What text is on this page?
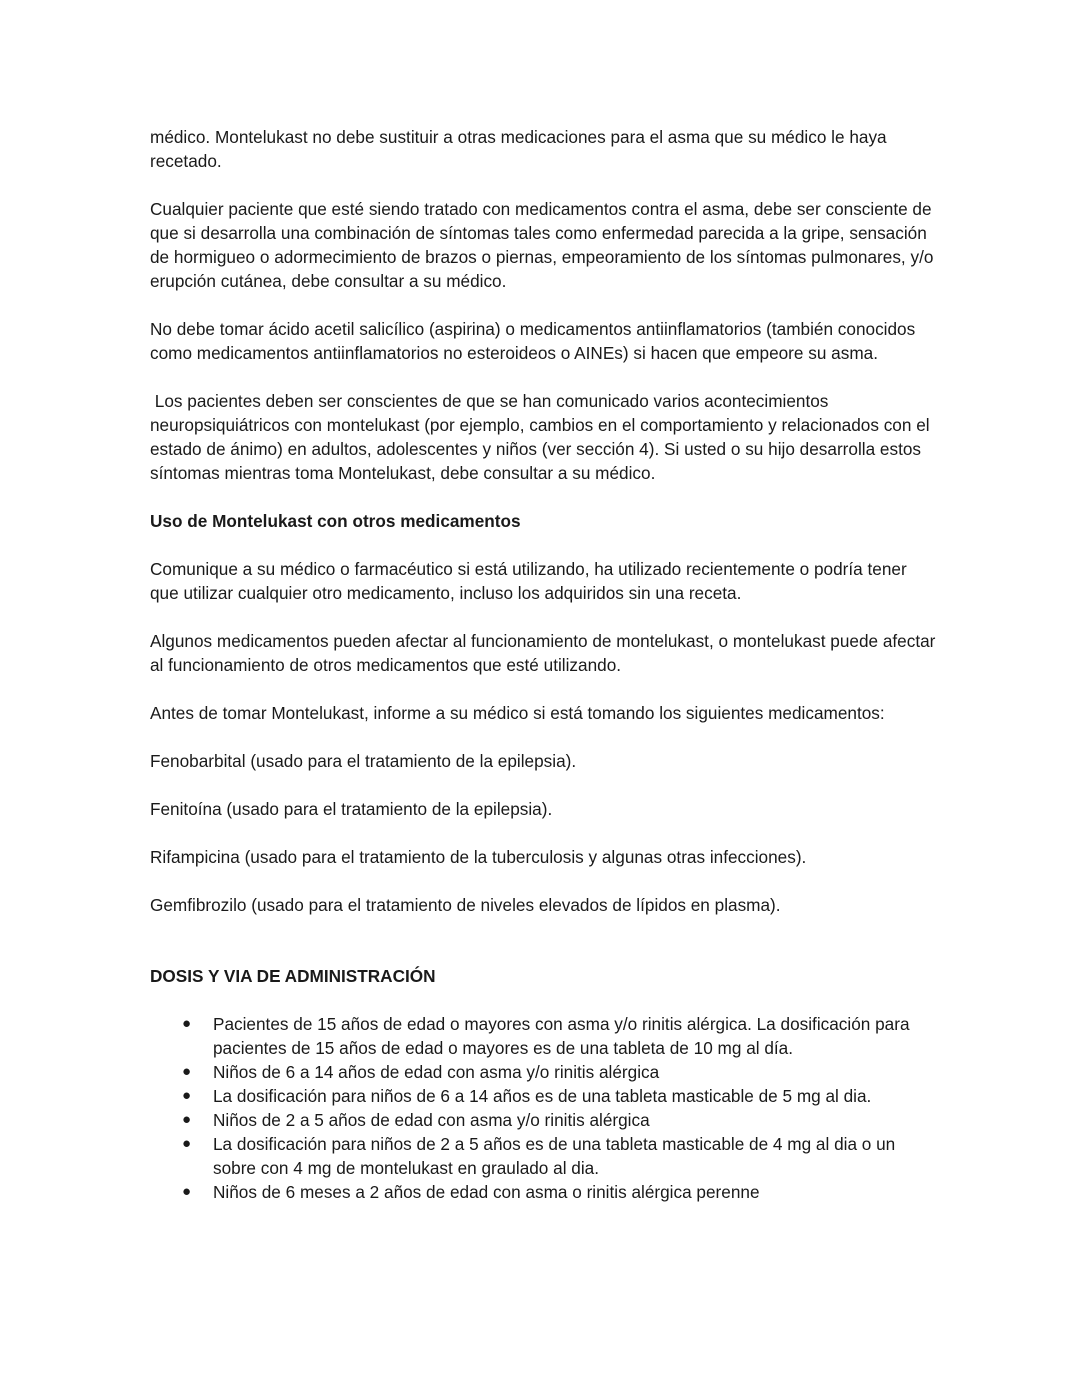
médico. Montelukast no debe sustituir a otras medicaciones para el asma que su médico le haya recetado.

Cualquier paciente que esté siendo tratado con medicamentos contra el asma, debe ser consciente de que si desarrolla una combinación de síntomas tales como enfermedad parecida a la gripe, sensación de hormigueo o adormecimiento de brazos o piernas, empeoramiento de los síntomas pulmonares, y/o erupción cutánea, debe consultar a su médico.

No debe tomar ácido acetil salicílico (aspirina) o medicamentos antiinflamatorios (también conocidos como medicamentos antiinflamatorios no esteroideos o AINEs) si hacen que empeore su asma.

Los pacientes deben ser conscientes de que se han comunicado varios acontecimientos neuropsiquiátricos con montelukast (por ejemplo, cambios en el comportamiento y relacionados con el estado de ánimo) en adultos, adolescentes y niños (ver sección 4). Si usted o su hijo desarrolla estos síntomas mientras toma Montelukast, debe consultar a su médico.

Uso de Montelukast con otros medicamentos

Comunique a su médico o farmacéutico si está utilizando, ha utilizado recientemente o podría tener que utilizar cualquier otro medicamento, incluso los adquiridos sin una receta.

Algunos medicamentos pueden afectar al funcionamiento de montelukast, o montelukast puede afectar al funcionamiento de otros medicamentos que esté utilizando.

Antes de tomar Montelukast, informe a su médico si está tomando los siguientes medicamentos:

Fenobarbital (usado para el tratamiento de la epilepsia).

Fenitoína (usado para el tratamiento de la epilepsia).

Rifampicina (usado para el tratamiento de la tuberculosis y algunas otras infecciones).

Gemfibrozilo (usado para el tratamiento de niveles elevados de lípidos en plasma).

DOSIS Y VIA DE ADMINISTRACIÓN

● Pacientes de 15 años de edad o mayores con asma y/o rinitis alérgica. La dosificación para pacientes de 15 años de edad o mayores es de una tableta de 10 mg al día.
● Niños de 6 a 14 años de edad con asma y/o rinitis alérgica
● La dosificación para niños de 6 a 14 años es de una tableta masticable de 5 mg al dia.
● Niños de 2 a 5 años de edad con asma y/o rinitis alérgica
● La dosificación para niños de 2 a 5 años es de una tableta masticable de 4 mg al dia o un sobre con 4 mg de montelukast en graulado al dia.
● Niños de 6 meses a 2 años de edad con asma o rinitis alérgica perenne
